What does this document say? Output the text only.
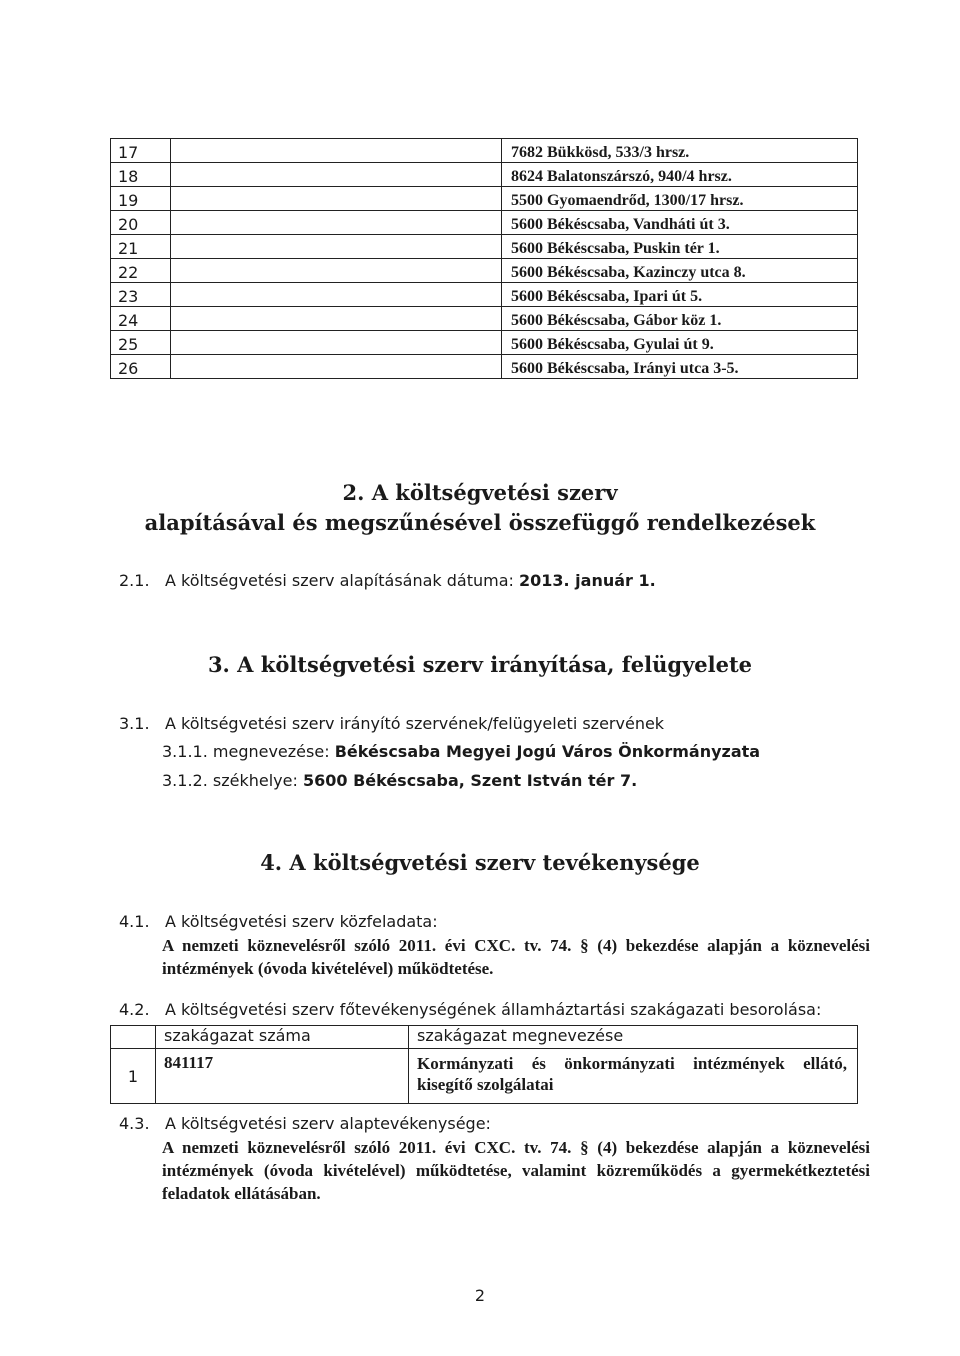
17		7682 Bükkösd, 533/3 hrsz.
18		8624 Balatonszárszó, 940/4 hrsz.
19		5500 Gyomaendrőd, 1300/17 hrsz.
20		5600 Békéscsaba, Vandháti út 3.
21		5600 Békéscsaba, Puskin tér 1.
22		5600 Békéscsaba, Kazinczy utca 8.
23		5600 Békéscsaba, Ipari út 5.
24		5600 Békéscsaba, Gábor köz 1.
25		5600 Békéscsaba, Gyulai út 9.
26		5600 Békéscsaba, Irányi utca 3-5.
2. A költségvetési szerv
alapításával és megszűnésével összefüggő rendelkezések
2.1. A költségvetési szerv alapításának dátuma: 2013. január 1.
3. A költségvetési szerv irányítása, felügyelete
3.1. A költségvetési szerv irányító szervének/felügyeleti szervének
3.1.1. megnevezése: Békéscsaba Megyei Jogú Város Önkormányzata
3.1.2. székhelye: 5600 Békéscsaba, Szent István tér 7.
4. A költségvetési szerv tevékenysége
4.1. A költségvetési szerv közfeladata:
A nemzeti köznevelésről szóló 2011. évi CXC. tv. 74. § (4) bekezdése alapján a köznevelési intézmények (óvoda kivételével) működtetése.
4.2. A költségvetési szerv főtevékenységének államháztartási szakágazati besorolása:
	szakágazat száma	szakágazat megnevezése
1	841117	Kormányzati és önkormányzati intézmények ellátó, kisegítő szolgálatai
4.3. A költségvetési szerv alaptevékenysége:
A nemzeti köznevelésről szóló 2011. évi CXC. tv. 74. § (4) bekezdése alapján a köznevelési intézmények (óvoda kivételével) működtetése, valamint közreműködés a gyermekétkeztetési feladatok ellátásában.
2
